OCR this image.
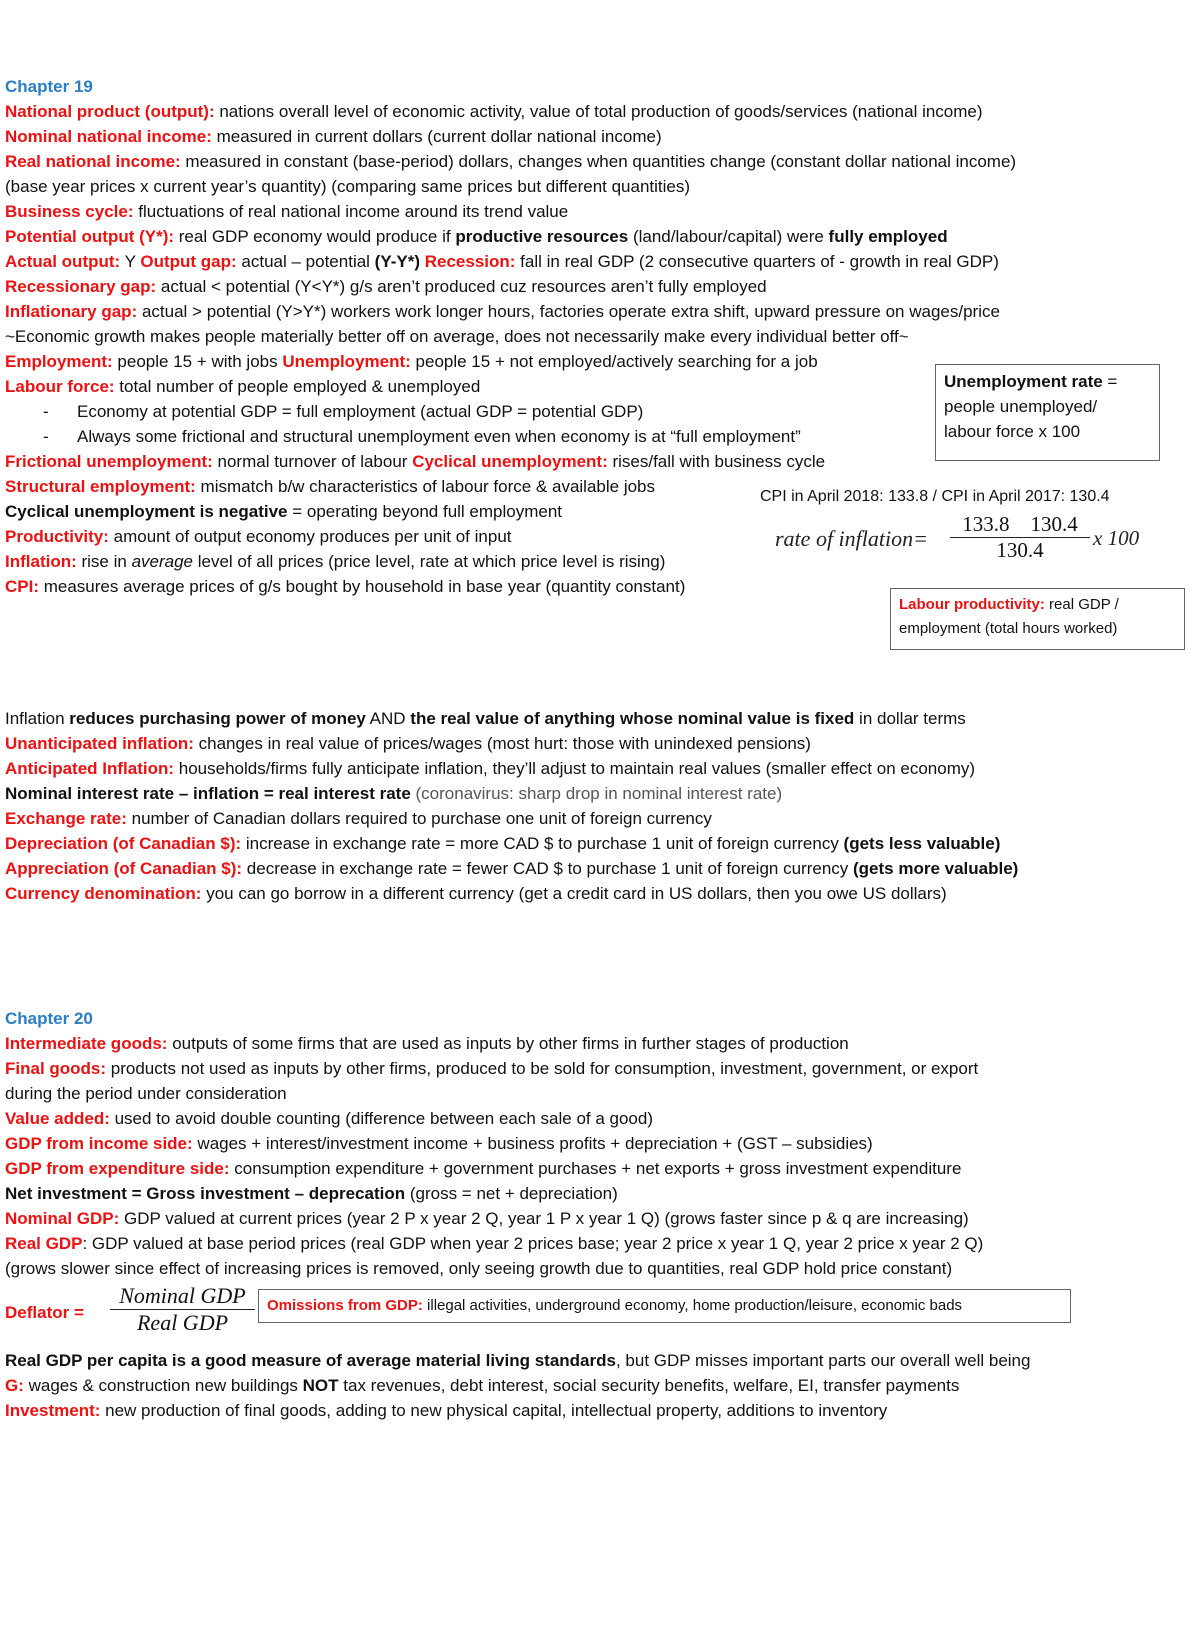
Chapter 19
National product (output): nations overall level of economic activity, value of total production of goods/services (national income)
Nominal national income: measured in current dollars (current dollar national income)
Real national income: measured in constant (base-period) dollars, changes when quantities change (constant dollar national income)
(base year prices x current year’s quantity) (comparing same prices but different quantities)
Business cycle: fluctuations of real national income around its trend value
Potential output (Y*): real GDP economy would produce if productive resources (land/labour/capital) were fully employed
Actual output: Y Output gap: actual – potential (Y-Y*) Recession: fall in real GDP (2 consecutive quarters of - growth in real GDP)
Recessionary gap: actual < potential (Y<Y*) g/s aren’t produced cuz resources aren’t fully employed
Inflationary gap: actual > potential (Y>Y*) workers work longer hours, factories operate extra shift, upward pressure on wages/price
~Economic growth makes people materially better off on average, does not necessarily make every individual better off~
Employment: people 15 + with jobs Unemployment: people 15 + not employed/actively searching for a job
Labour force: total number of people employed & unemployed
- Economy at potential GDP = full employment (actual GDP = potential GDP)
- Always some frictional and structural unemployment even when economy is at “full employment”
Frictional unemployment: normal turnover of labour Cyclical unemployment: rises/fall with business cycle
Structural employment: mismatch b/w characteristics of labour force & available jobs
Cyclical unemployment is negative = operating beyond full employment
Productivity: amount of output economy produces per unit of input
Inflation: rise in average level of all prices (price level, rate at which price level is rising)
CPI: measures average prices of g/s bought by household in base year (quantity constant)
Unemployment rate =
people unemployed/
labour force x 100
CPI in April 2018: 133.8 / CPI in April 2017: 130.4
rate of inflation=
133.8    130.4
130.4	x 100
Labour productivity: real GDP /
employment (total hours worked)
Inflation reduces purchasing power of money AND the real value of anything whose nominal value is fixed in dollar terms
Unanticipated inflation: changes in real value of prices/wages (most hurt: those with unindexed pensions)
Anticipated Inflation: households/firms fully anticipate inflation, they’ll adjust to maintain real values (smaller effect on economy)
Nominal interest rate – inflation = real interest rate (coronavirus: sharp drop in nominal interest rate)
Exchange rate: number of Canadian dollars required to purchase one unit of foreign currency
Depreciation (of Canadian $): increase in exchange rate = more CAD $ to purchase 1 unit of foreign currency (gets less valuable)
Appreciation (of Canadian $): decrease in exchange rate = fewer CAD $ to purchase 1 unit of foreign currency (gets more valuable)
Currency denomination: you can go borrow in a different currency (get a credit card in US dollars, then you owe US dollars)
Chapter 20
Intermediate goods: outputs of some firms that are used as inputs by other firms in further stages of production
Final goods: products not used as inputs by other firms, produced to be sold for consumption, investment, government, or export
during the period under consideration
Value added: used to avoid double counting (difference between each sale of a good)
GDP from income side: wages + interest/investment income + business profits + depreciation + (GST – subsidies)
GDP from expenditure side: consumption expenditure + government purchases + net exports + gross investment expenditure
Net investment = Gross investment – deprecation (gross = net + depreciation)
Nominal GDP: GDP valued at current prices (year 2 P x year 2 Q, year 1 P x year 1 Q) (grows faster since p & q are increasing)
Real GDP: GDP valued at base period prices (real GDP when year 2 prices base; year 2 price x year 1 Q, year 2 price x year 2 Q)
(grows slower since effect of increasing prices is removed, only seeing growth due to quantities, real GDP hold price constant)
Deflator =
Nominal GDP
Real GDP
Omissions from GDP: illegal activities, underground economy, home production/leisure, economic bads
Real GDP per capita is a good measure of average material living standards, but GDP misses important parts our overall well being
G: wages & construction new buildings NOT tax revenues, debt interest, social security benefits, welfare, EI, transfer payments
Investment: new production of final goods, adding to new physical capital, intellectual property, additions to inventory
